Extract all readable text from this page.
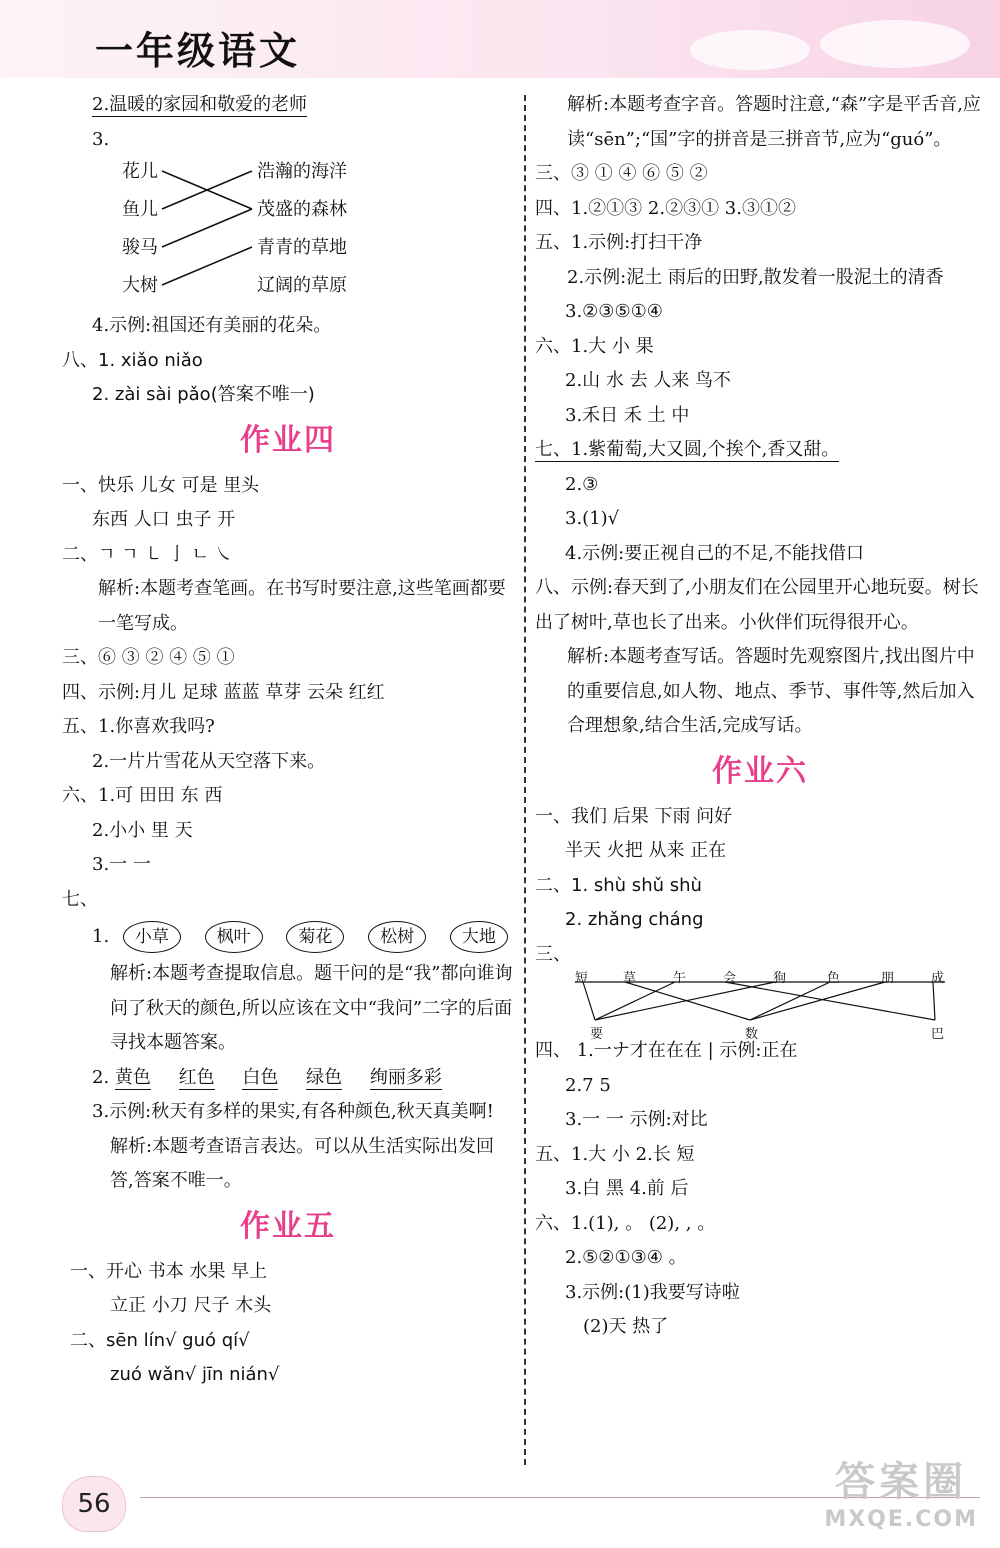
一年级语文
2.温暖的家园和敬爱的老师
3.
花儿
鱼儿
骏马
大树
浩瀚的海洋
茂盛的森林
青青的草地
辽阔的草原
4.示例:祖国还有美丽的花朵。
八、1. xiǎo niǎo
2. zài sài pǎo(答案不唯一)
作业四
一、快乐 儿女 可是 里头
东西 人口 虫子 开
二、ㄱ ㄱ ㇄ 亅 ㄴ ㇏
解析:本题考查笔画。在书写时要注意,这些笔画都要一笔写成。
三、⑥ ③ ② ④ ⑤ ①
四、示例:月儿 足球 蓝蓝 草芽 云朵 红红
五、1.你喜欢我吗?
2.一片片雪花从天空落下来。
六、1.可 田田 东 西
2.小小 里 天
3.一 一
七、
1. 小草	枫叶	菊花	松树	大地
解析:本题考查提取信息。题干问的是“我”都向谁询问了秋天的颜色,所以应该在文中“我问”二字的后面寻找本题答案。
2. 黄色 红色 白色 绿色 绚丽多彩
3.示例:秋天有多样的果实,有各种颜色,秋天真美啊!
解析:本题考查语言表达。可以从生活实际出发回答,答案不唯一。
作业五
一、开心 书本 水果 早上
立正 小刀 尺子 木头
二、sēn lín√ guó qí√
zuó wǎn√ jīn nián√
解析:本题考查字音。答题时注意,“森”字是平舌音,应读“sēn”;“国”字的拼音是三拼音节,应为“guó”。
三、③ ① ④ ⑥ ⑤ ②
四、1.②①③ 2.②③① 3.③①②
五、1.示例:打扫干净
2.示例:泥土 雨后的田野,散发着一股泥土的清香
3.②③⑤①④
六、1.大 小 果
2.山 水 去 人来 鸟不
3.禾日 禾 土 中
七、1.紫葡萄,大又圆,个挨个,香又甜。
2.③
3.(1)√
4.示例:要正视自己的不足,不能找借口
八、示例:春天到了,小朋友们在公园里开心地玩耍。树长出了树叶,草也长了出来。小伙伴们玩得很开心。
解析:本题考查写话。答题时先观察图片,找出图片中的重要信息,如人物、地点、季节、事件等,然后加入合理想象,结合生活,完成写话。
作业六
一、我们 后果 下雨 问好
半天 火把 从来 正在
二、1. shù shǔ shù
2. zhǎng cháng
三、
短	草	午	会	狗	色	朋	成
要	数	巴
四、 1.一ナ才在在在 | 示例:正在
2.7 5
3.一 一 示例:对比
五、1.大 小 2.长 短
3.白 黑 4.前 后
六、1.(1), 。 (2), , 。
2.⑤②①③④ 。
3.示例:(1)我要写诗啦
(2)天 热了
56	答案圈
MXQE.COM
